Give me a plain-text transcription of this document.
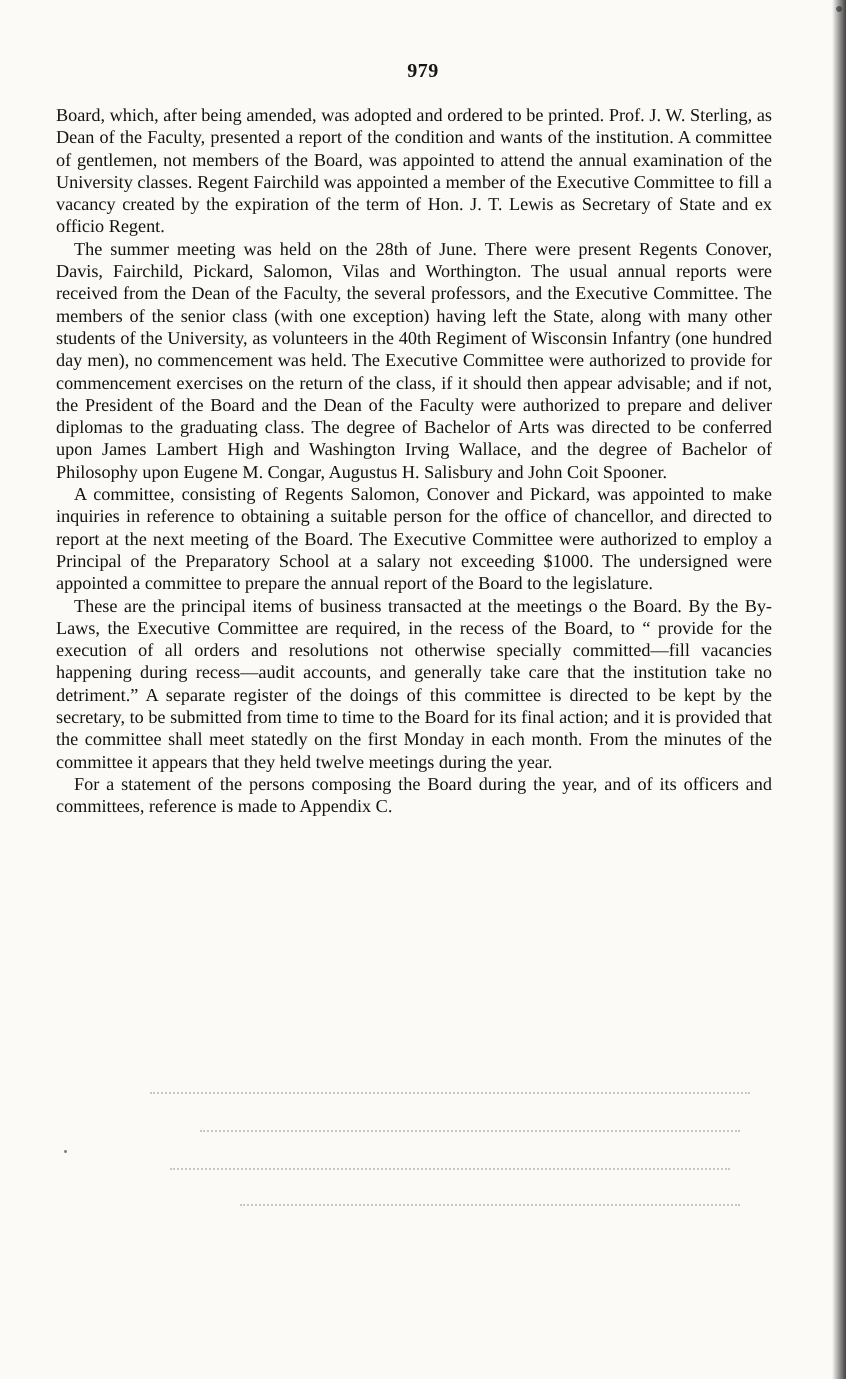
979

Board, which, after being amended, was adopted and ordered to be printed. Prof. J. W. Sterling, as Dean of the Faculty, presented a report of the condition and wants of the institution. A committee of gentlemen, not members of the Board, was appointed to attend the annual examination of the University classes. Regent Fairchild was appointed a member of the Executive Committee to fill a vacancy created by the expiration of the term of Hon. J. T. Lewis as Secretary of State and ex officio Regent.

The summer meeting was held on the 28th of June. There were present Regents Conover, Davis, Fairchild, Pickard, Salomon, Vilas and Worthington. The usual annual reports were received from the Dean of the Faculty, the several professors, and the Executive Committee. The members of the senior class (with one exception) having left the State, along with many other students of the University, as volunteers in the 40th Regiment of Wisconsin Infantry (one hundred day men), no commencement was held. The Executive Committee were authorized to provide for commencement exercises on the return of the class, if it should then appear advisable; and if not, the President of the Board and the Dean of the Faculty were authorized to prepare and deliver diplomas to the graduating class. The degree of Bachelor of Arts was directed to be conferred upon James Lambert High and Washington Irving Wallace, and the degree of Bachelor of Philosophy upon Eugene M. Congar, Augustus H. Salisbury and John Coit Spooner.

A committee, consisting of Regents Salomon, Conover and Pickard, was appointed to make inquiries in reference to obtaining a suitable person for the office of chancellor, and directed to report at the next meeting of the Board. The Executive Committee were authorized to employ a Principal of the Preparatory School at a salary not exceeding $1000. The undersigned were appointed a committee to prepare the annual report of the Board to the legislature.

These are the principal items of business transacted at the meetings o the Board. By the By-Laws, the Executive Committee are required, in the recess of the Board, to “ provide for the execution of all orders and resolutions not otherwise specially committed—fill vacancies happening during recess—audit accounts, and generally take care that the institution take no detriment.” A separate register of the doings of this committee is directed to be kept by the secretary, to be submitted from time to time to the Board for its final action; and it is provided that the committee shall meet statedly on the first Monday in each month. From the minutes of the committee it appears that they held twelve meetings during the year.

For a statement of the persons composing the Board during the year, and of its officers and committees, reference is made to Appendix C.
